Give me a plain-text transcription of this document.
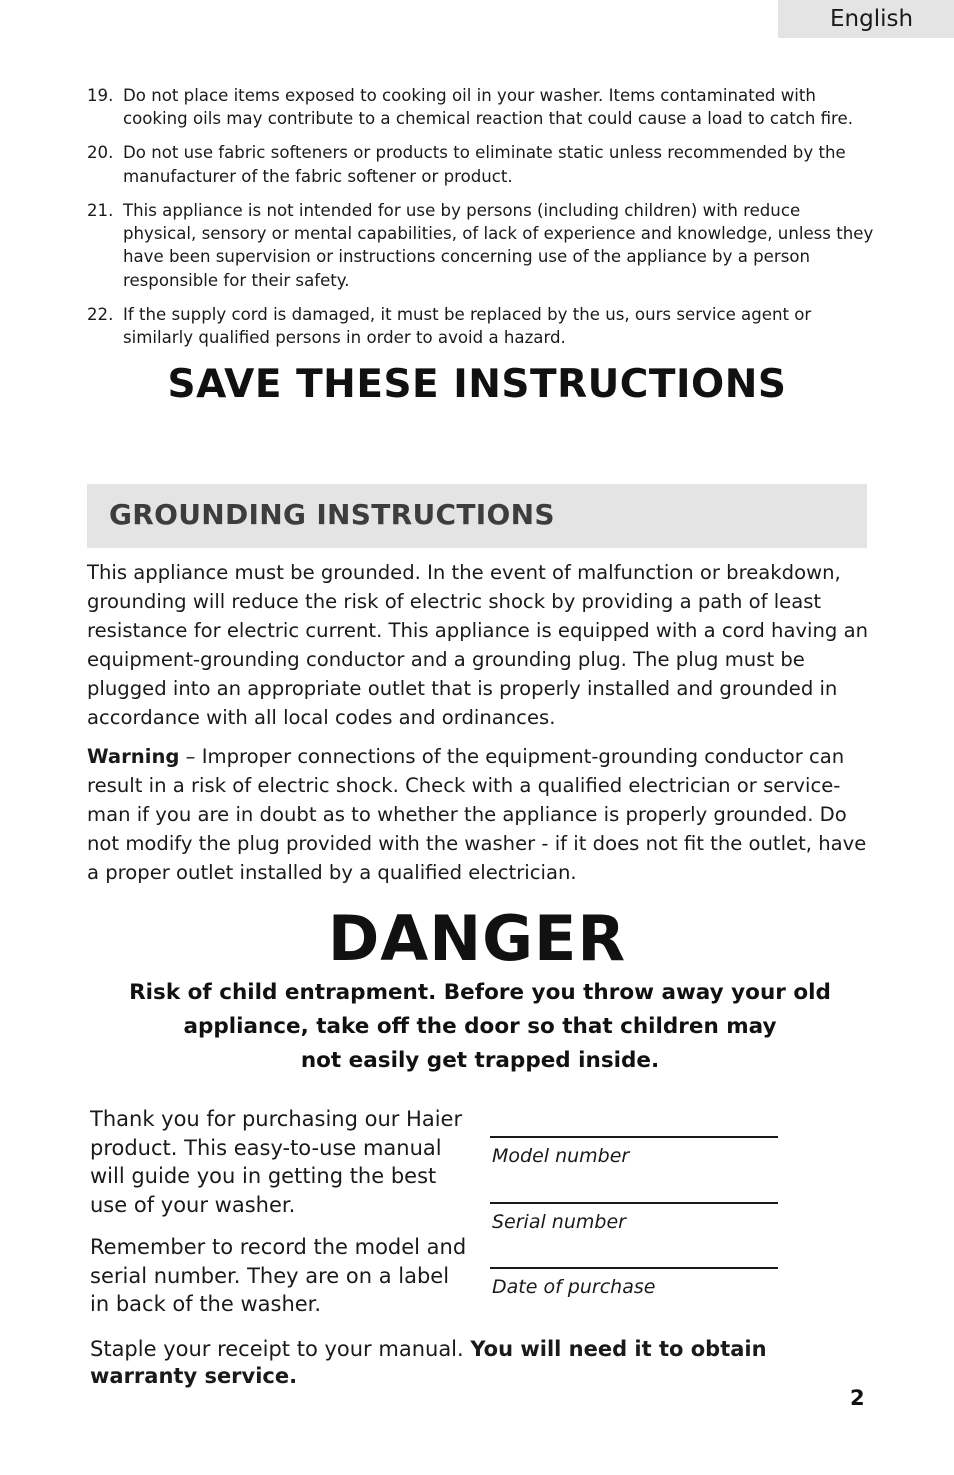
English
19. Do not place items exposed to cooking oil in your washer. Items contaminated with cooking oils may contribute to a chemical reaction that could cause a load to catch fire.
20. Do not use fabric softeners or products to eliminate static unless recommended by the manufacturer of the fabric softener or product.
21. This appliance is not intended for use by persons (including children) with reduce physical, sensory or mental capabilities, of lack of experience and knowledge, unless they have been supervision or instructions concerning use of the appliance by a person responsible for their safety.
22. If the supply cord is damaged, it must be replaced by the us, ours service agent or similarly qualified persons in order to avoid a hazard.
SAVE THESE INSTRUCTIONS
GROUNDING INSTRUCTIONS

This appliance must be grounded. In the event of malfunction or breakdown, grounding will reduce the risk of electric shock by providing a path of least resistance for electric current. This appliance is equipped with a cord having an equipment-grounding conductor and a grounding plug. The plug must be plugged into an appropriate outlet that is properly installed and grounded in accordance with all local codes and ordinances.

Warning – Improper connections of the equipment-grounding conductor can result in a risk of electric shock. Check with a qualified electrician or service-man if you are in doubt as to whether the appliance is properly grounded. Do not modify the plug provided with the washer - if it does not fit the outlet, have a proper outlet installed by a qualified electrician.

DANGER
Risk of child entrapment. Before you throw away your old
appliance, take off the door so that children may
not easily get trapped inside.

Thank you for purchasing our Haier product. This easy-to-use manual will guide you in getting the best use of your washer.

Remember to record the model and serial number. They are on a label in back of the washer.

Model number
Serial number
Date of purchase

Staple your receipt to your manual. You will need it to obtain warranty service.

2
